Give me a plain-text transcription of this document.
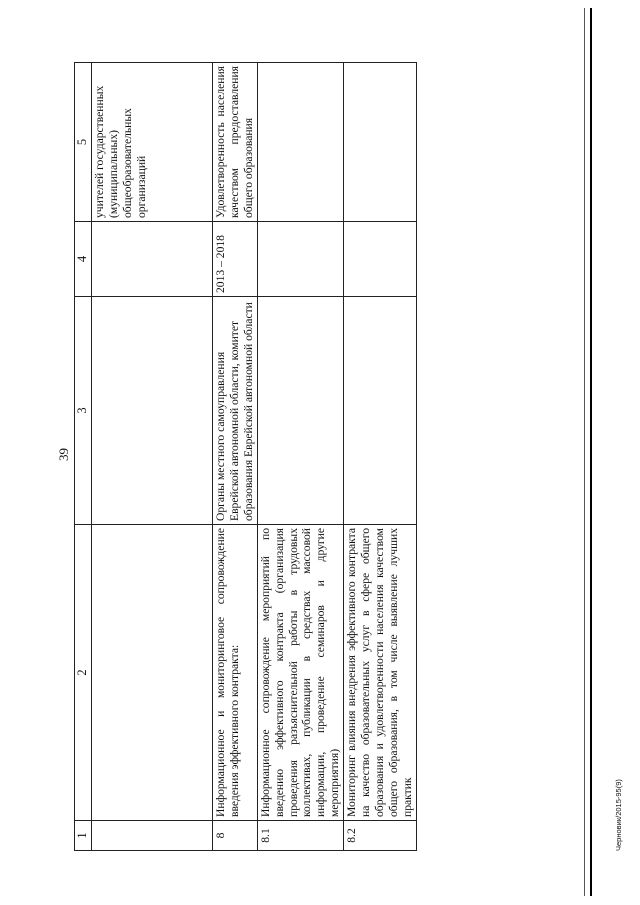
39
1	2	3	4	5
				учителей государственных (муниципальных) общеобразовательных организаций
8	Информационное и мониторинговое сопровождение введения эффективного контракта:	Органы местного самоуправления Еврейской автономной области, комитет образования Еврейской автономной области	2013 – 2018	Удовлетворенность населения качеством предоставления общего образования
8.1	Информационное сопровождение мероприятий по введению эффективного контракта (организация проведения разъяснительной работы в трудовых коллективах, публикации в средствах массовой информации, проведение семинаров и другие мероприятия)			
8.2	Мониторинг влияния внедрения эффективного контракта на качество образовательных услуг в сфере общего образования и удовлетворенности населения качеством общего образования, в том числе выявление лучших практик				Черновик/2015-95(9)
